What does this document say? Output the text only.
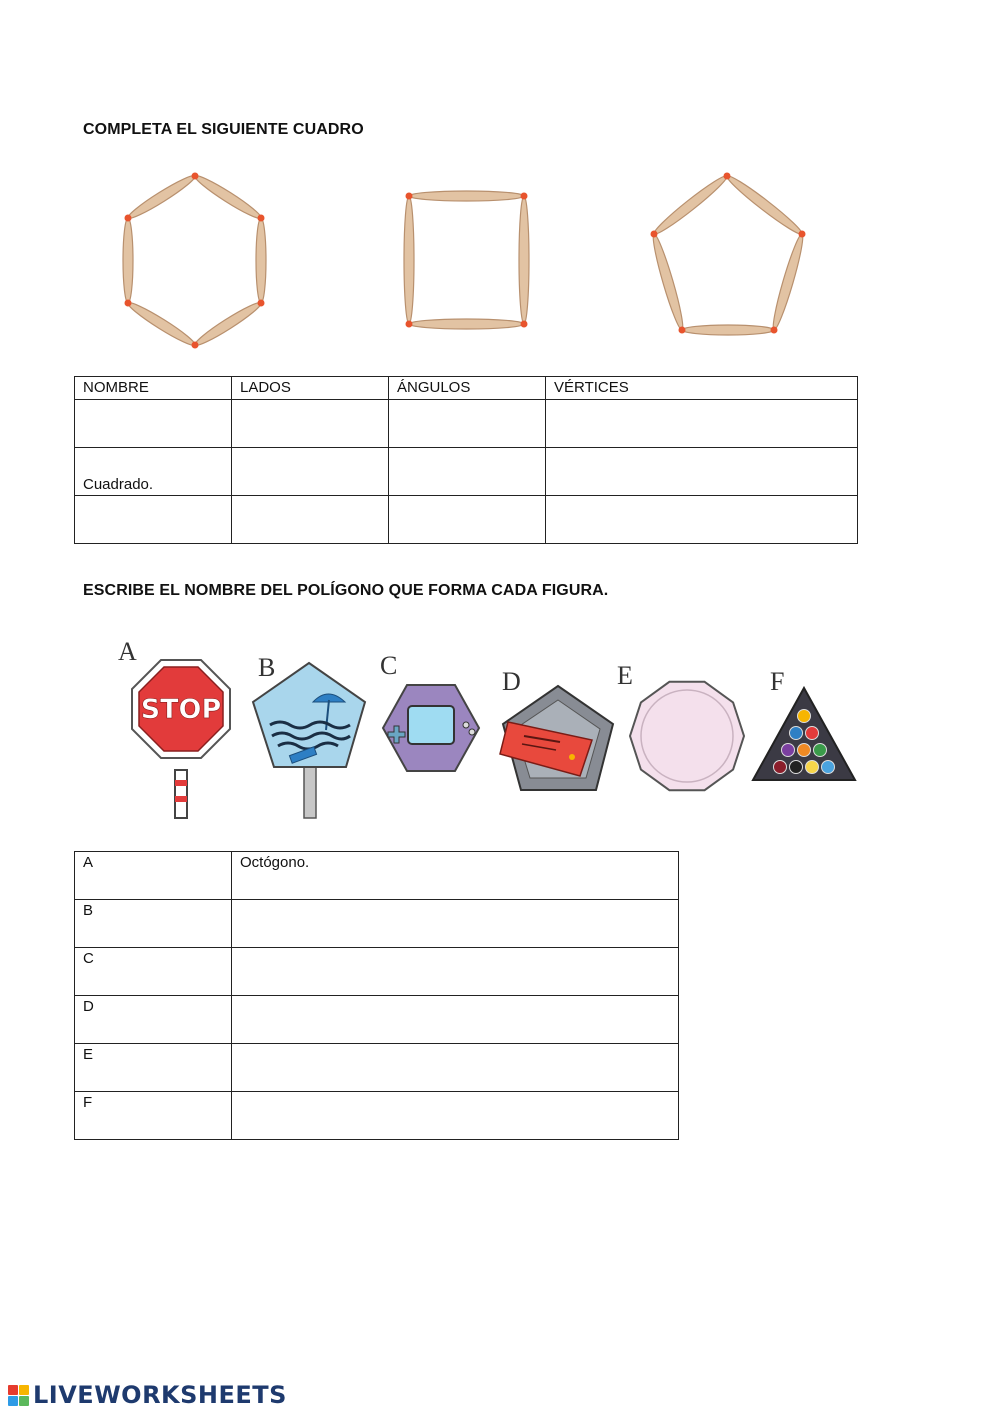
COMPLETA EL SIGUIENTE CUADRO
NOMBRE	LADOS	ÁNGULOS	VÉRTICES

Cuadrado.			

ESCRIBE EL NOMBRE DEL POLÍGONO QUE FORMA CADA FIGURA.
A
STOP
B	C
D	E	F
A	Octógono.
B	
C	
D	
E	
F	
LIVEWORKSHEETS
